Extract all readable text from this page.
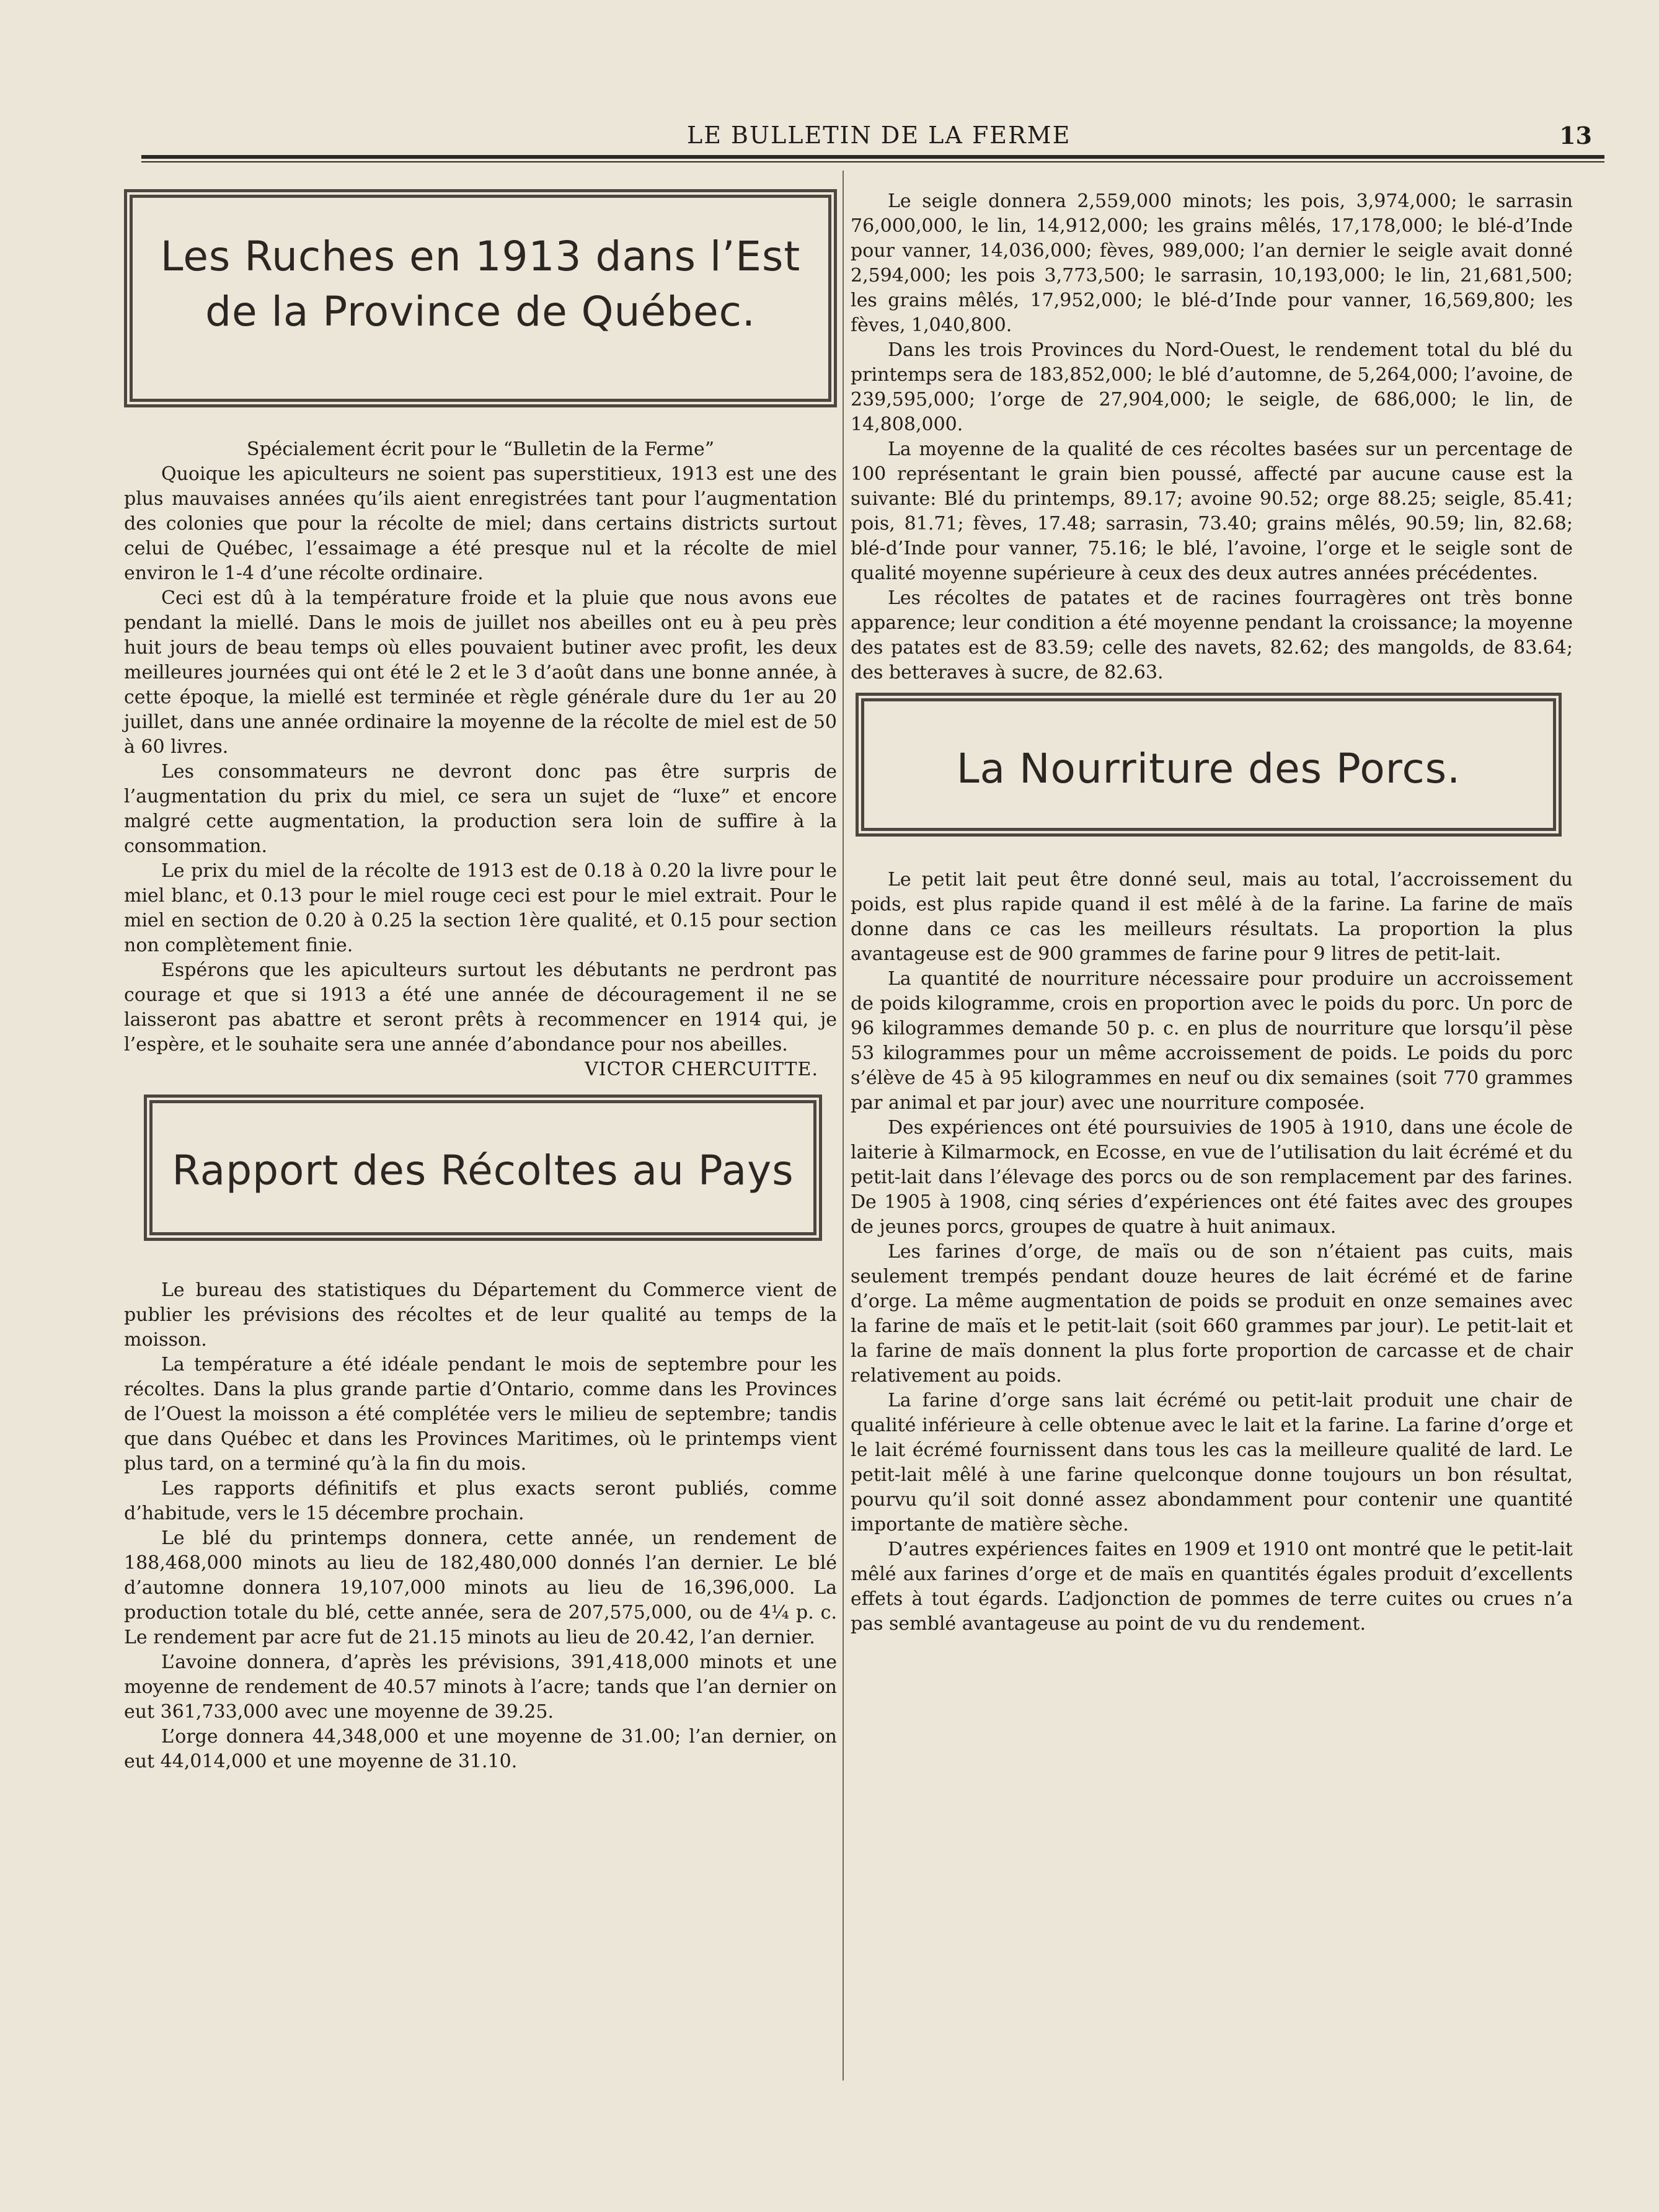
LE BULLETIN DE LA FERME	13
Les Ruches en 1913 dans l’Est
de la Province de Québec.

Spécialement écrit pour le “Bulletin de la Ferme”

Quoique les apiculteurs ne soient pas superstitieux, 1913 est une des plus mauvaises années qu’ils aient enregistrées tant pour l’augmentation des colonies que pour la récolte de miel; dans certains districts surtout celui de Québec, l’essaimage a été presque nul et la récolte de miel environ le 1-4 d’une récolte ordinaire.

Ceci est dû à la température froide et la pluie que nous avons eue pendant la miellé. Dans le mois de juillet nos abeilles ont eu à peu près huit jours de beau temps où elles pouvaient butiner avec profit, les deux meilleures journées qui ont été le 2 et le 3 d’août dans une bonne année, à cette époque, la miellé est terminée et règle générale dure du 1er au 20 juillet, dans une année ordinaire la moyenne de la récolte de miel est de 50 à 60 livres.

Les consommateurs ne devront donc pas être surpris de l’augmentation du prix du miel, ce sera un sujet de “luxe” et encore malgré cette augmentation, la production sera loin de suffire à la consommation.

Le prix du miel de la récolte de 1913 est de 0.18 à 0.20 la livre pour le miel blanc, et 0.13 pour le miel rouge ceci est pour le miel extrait. Pour le miel en section de 0.20 à 0.25 la section 1ère qualité, et 0.15 pour section non complètement finie.

Espérons que les apiculteurs surtout les débutants ne perdront pas courage et que si 1913 a été une année de découragement il ne se laisseront pas abattre et seront prêts à recommencer en 1914 qui, je l’espère, et le souhaite sera une année d’abondance pour nos abeilles.

VICTOR CHERCUITTE.

Rapport des Récoltes au Pays

Le bureau des statistiques du Département du Commerce vient de publier les prévisions des récoltes et de leur qualité au temps de la moisson.

La température a été idéale pendant le mois de septembre pour les récoltes. Dans la plus grande partie d’Ontario, comme dans les Provinces de l’Ouest la moisson a été complétée vers le milieu de septembre; tandis que dans Québec et dans les Provinces Maritimes, où le printemps vient plus tard, on a terminé qu’à la fin du mois.

Les rapports définitifs et plus exacts seront publiés, comme d’habitude, vers le 15 décembre prochain.

Le blé du printemps donnera, cette année, un rendement de 188,468,000 minots au lieu de 182,480,000 donnés l’an dernier. Le blé d’automne donnera 19,107,000 minots au lieu de 16,396,000. La production totale du blé, cette année, sera de 207,575,000, ou de 4¼ p. c. Le rendement par acre fut de 21.15 minots au lieu de 20.42, l’an dernier.

L’avoine donnera, d’après les prévisions, 391,418,000 minots et une moyenne de rendement de 40.57 minots à l’acre; tands que l’an dernier on eut 361,733,000 avec une moyenne de 39.25.

L’orge donnera 44,348,000 et une moyenne de 31.00; l’an dernier, on eut 44,014,000 et une moyenne de 31.10.

Le seigle donnera 2,559,000 minots; les pois, 3,974,000; le sarrasin 76,000,000, le lin, 14,912,000; les grains mêlés, 17,178,000; le blé-d’Inde pour vanner, 14,036,000; fèves, 989,000; l’an dernier le seigle avait donné 2,594,000; les pois 3,773,500; le sarrasin, 10,193,000; le lin, 21,681,500; les grains mêlés, 17,952,000; le blé-d’Inde pour vanner, 16,569,800; les fèves, 1,040,800.

Dans les trois Provinces du Nord-Ouest, le rendement total du blé du printemps sera de 183,852,000; le blé d’automne, de 5,264,000; l’avoine, de 239,595,000; l’orge de 27,904,000; le seigle, de 686,000; le lin, de 14,808,000.

La moyenne de la qualité de ces récoltes basées sur un percentage de 100 représentant le grain bien poussé, affecté par aucune cause est la suivante: Blé du printemps, 89.17; avoine 90.52; orge 88.25; seigle, 85.41; pois, 81.71; fèves, 17.48; sarrasin, 73.40; grains mêlés, 90.59; lin, 82.68; blé-d’Inde pour vanner, 75.16; le blé, l’avoine, l’orge et le seigle sont de qualité moyenne supérieure à ceux des deux autres années précédentes.

Les récoltes de patates et de racines fourragères ont très bonne apparence; leur condition a été moyenne pendant la croissance; la moyenne des patates est de 83.59; celle des navets, 82.62; des mangolds, de 83.64; des betteraves à sucre, de 82.63.

La Nourriture des Porcs.

Le petit lait peut être donné seul, mais au total, l’accroissement du poids, est plus rapide quand il est mêlé à de la farine. La farine de maïs donne dans ce cas les meilleurs résultats. La proportion la plus avantageuse est de 900 grammes de farine pour 9 litres de petit-lait.

La quantité de nourriture nécessaire pour produire un accroissement de poids kilogramme, crois en proportion avec le poids du porc. Un porc de 96 kilogrammes demande 50 p. c. en plus de nourriture que lorsqu’il pèse 53 kilogrammes pour un même accroissement de poids. Le poids du porc s’élève de 45 à 95 kilogrammes en neuf ou dix semaines (soit 770 grammes par animal et par jour) avec une nourriture composée.

Des expériences ont été poursuivies de 1905 à 1910, dans une école de laiterie à Kilmarmock, en Ecosse, en vue de l’utilisation du lait écrémé et du petit-lait dans l’élevage des porcs ou de son remplacement par des farines. De 1905 à 1908, cinq séries d’expériences ont été faites avec des groupes de jeunes porcs, groupes de quatre à huit animaux.

Les farines d’orge, de maïs ou de son n’étaient pas cuits, mais seulement trempés pendant douze heures de lait écrémé et de farine d’orge. La même augmentation de poids se produit en onze semaines avec la farine de maïs et le petit-lait (soit 660 grammes par jour). Le petit-lait et la farine de maïs donnent la plus forte proportion de carcasse et de chair relativement au poids.

La farine d’orge sans lait écrémé ou petit-lait produit une chair de qualité inférieure à celle obtenue avec le lait et la farine. La farine d’orge et le lait écrémé fournissent dans tous les cas la meilleure qualité de lard. Le petit-lait mêlé à une farine quelconque donne toujours un bon résultat, pourvu qu’il soit donné assez abondamment pour contenir une quantité importante de matière sèche.

D’autres expériences faites en 1909 et 1910 ont montré que le petit-lait mêlé aux farines d’orge et de maïs en quantités égales produit d’excellents effets à tout égards. L’adjonction de pommes de terre cuites ou crues n’a pas semblé avantageuse au point de vu du rendement.
